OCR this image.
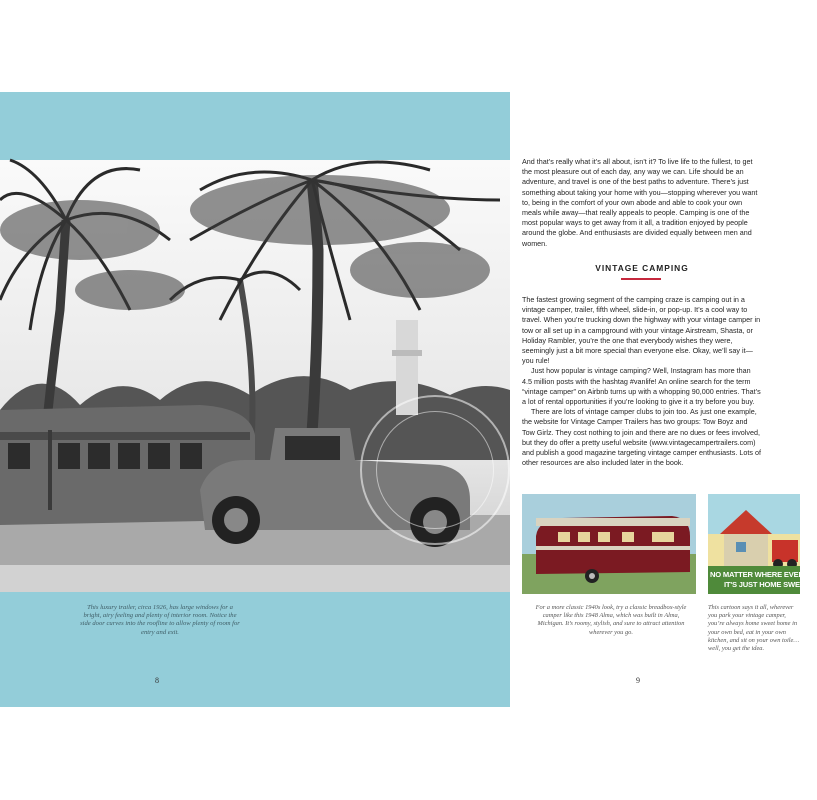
This luxury trailer, circa 1926, has large windows for a bright, airy feeling and plenty of interior room. Notice the side door curves into the roofline to allow plenty of room for entry and exit.
8

And that’s really what it’s all about, isn’t it? To live life to the fullest, to get the most pleasure out of each day, any way we can. Life should be an adventure, and travel is one of the best paths to adventure. There’s just something about taking your home with you—stopping wherever you want to, being in the comfort of your own abode and able to cook your own meals while away—that really appeals to people. Camping is one of the most popular ways to get away from it all, a tradition enjoyed by people around the globe. And enthusiasts are divided equally between men and women.

VINTAGE CAMPING

The fastest growing segment of the camping craze is camping out in a vintage camper, trailer, fifth wheel, slide-in, or pop-up. It’s a cool way to travel. When you’re trucking down the highway with your vintage camper in tow or all set up in a campground with your vintage Airstream, Shasta, or Holiday Rambler, you’re the one that everybody wishes they were, seemingly just a bit more special than everyone else. Okay, we’ll say it—you rule!

Just how popular is vintage camping? Well, Instagram has more than 4.5 million posts with the hashtag #vanlife! An online search for the term “vintage camper” on Airbnb turns up with a whopping 90,000 entries. That’s a lot of rental opportunities if you’re looking to give it a try before you buy.

There are lots of vintage camper clubs to join too. As just one example, the website for Vintage Camper Trailers has two groups: Tow Boyz and Tow Girlz. They cost nothing to join and there are no dues or fees involved, but they do offer a pretty useful website (www.vintagecampertrailers.com) and publish a good magazine targeting vintage camper enthusiasts. Lots of other resources are also included later in the book.

NO MATTER WHERE EVER WE
IT'S JUST HOME SWEET
For a more classic 1940s look, try a classic breadbox-style camper like this 1948 Alma, which was built in Alma, Michigan. It’s roomy, stylish, and sure to attract attention wherever you go.
This cartoon says it all, wherever you park your vintage camper, you’re always home sweet home in your own bed, eat in your own kitchen, and sit on your own toile… well, you get the idea.
9
